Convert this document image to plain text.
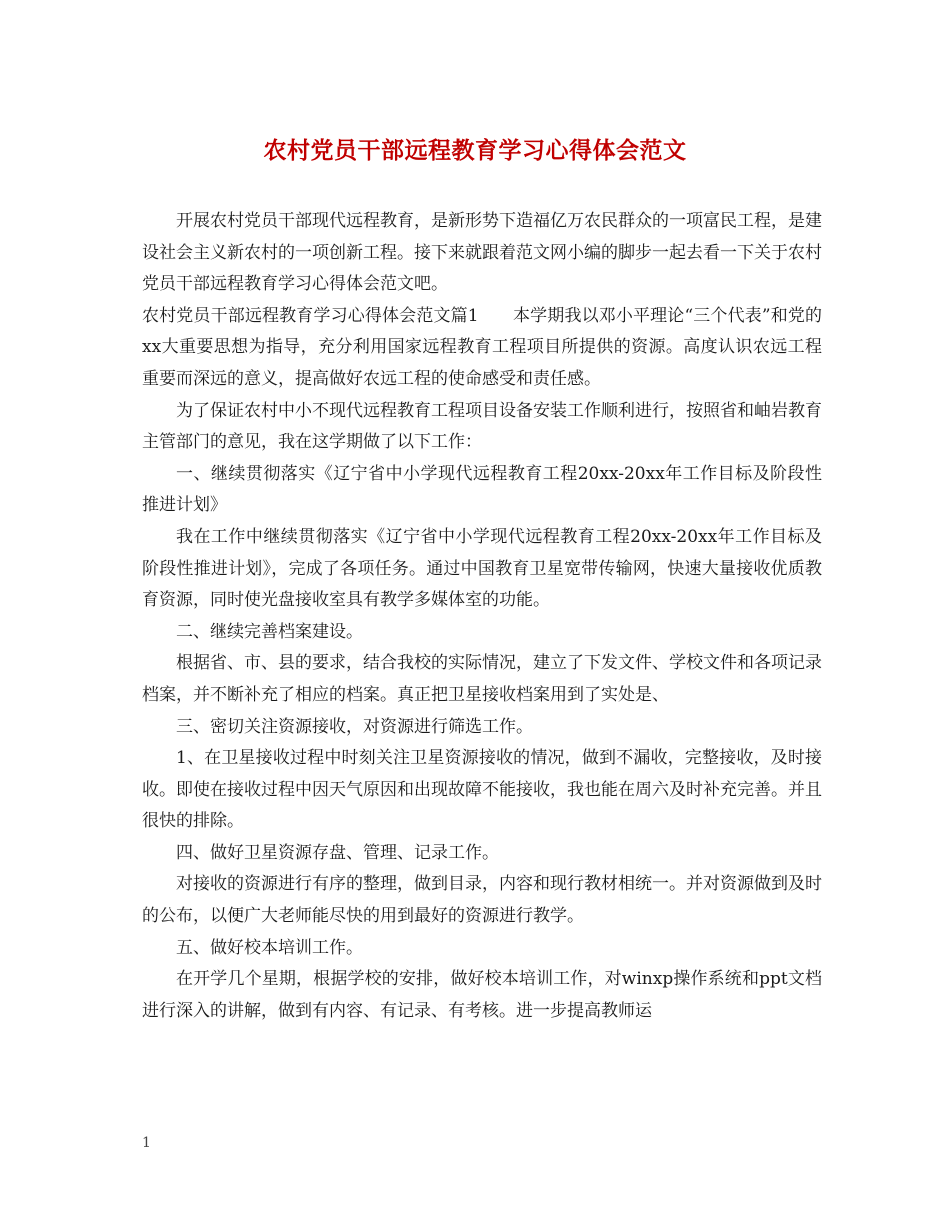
农村党员干部远程教育学习心得体会范文

开展农村党员干部现代远程教育，是新形势下造福亿万农民群众的一项富民工程，是建设社会主义新农村的一项创新工程。接下来就跟着范文网小编的脚步一起去看一下关于农村党员干部远程教育学习心得体会范文吧。

农村党员干部远程教育学习心得体会范文篇1　　本学期我以邓小平理论“三个代表”和党的xx大重要思想为指导，充分利用国家远程教育工程项目所提供的资源。高度认识农远工程重要而深远的意义，提高做好农远工程的使命感受和责任感。

为了保证农村中小不现代远程教育工程项目设备安装工作顺利进行，按照省和岫岩教育主管部门的意见，我在这学期做了以下工作：

一、继续贯彻落实《辽宁省中小学现代远程教育工程20xx-20xx年工作目标及阶段性推进计划》

我在工作中继续贯彻落实《辽宁省中小学现代远程教育工程20xx-20xx年工作目标及阶段性推进计划》，完成了各项任务。通过中国教育卫星宽带传输网，快速大量接收优质教育资源，同时使光盘接收室具有教学多媒体室的功能。

二、继续完善档案建设。

根据省、市、县的要求，结合我校的实际情况，建立了下发文件、学校文件和各项记录档案，并不断补充了相应的档案。真正把卫星接收档案用到了实处是、

三、密切关注资源接收，对资源进行筛选工作。

1、在卫星接收过程中时刻关注卫星资源接收的情况，做到不漏收，完整接收，及时接收。即使在接收过程中因天气原因和出现故障不能接收，我也能在周六及时补充完善。并且很快的排除。

四、做好卫星资源存盘、管理、记录工作。

对接收的资源进行有序的整理，做到目录，内容和现行教材相统一。并对资源做到及时的公布，以便广大老师能尽快的用到最好的资源进行教学。

五、做好校本培训工作。

在开学几个星期，根据学校的安排，做好校本培训工作，对winxp操作系统和ppt文档进行深入的讲解，做到有内容、有记录、有考核。进一步提高教师运

1
